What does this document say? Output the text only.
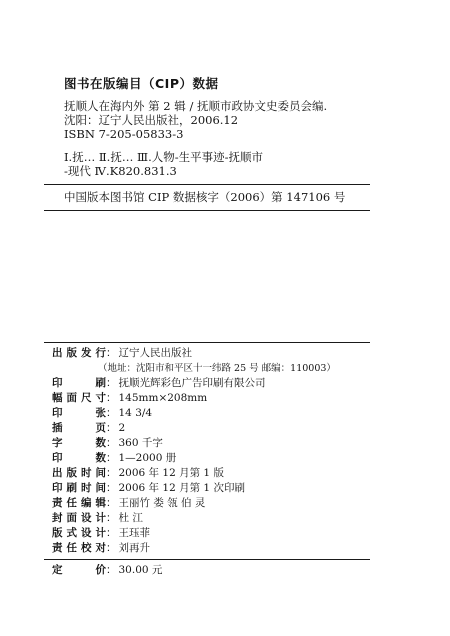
图书在版编目（CIP）数据
抚顺人在海内外 第 2 辑 / 抚顺市政协文史委员会编.
沈阳：辽宁人民出版社，2006.12
ISBN 7-205-05833-3
Ⅰ.抚… Ⅱ.抚… Ⅲ.人物-生平事迹-抚顺市
-现代 Ⅳ.K820.831.3
中国版本图书馆 CIP 数据核字（2006）第 147106 号
出版发行： 辽宁人民出版社
（地址：沈阳市和平区十一纬路 25 号 邮编：110003）
印刷： 抚顺光辉彩色广告印刷有限公司
幅面尺寸： 145mm×208mm
印张： 14 3/4
插页： 2
字数： 360 千字
印数： 1—2000 册
出版时间： 2006 年 12 月第 1 版
印刷时间： 2006 年 12 月第 1 次印刷
责任编辑： 王丽竹 娄 瓴 伯 灵
封面设计： 杜 江
版式设计： 王珏菲
责任校对： 刘再升
定价： 30.00 元
